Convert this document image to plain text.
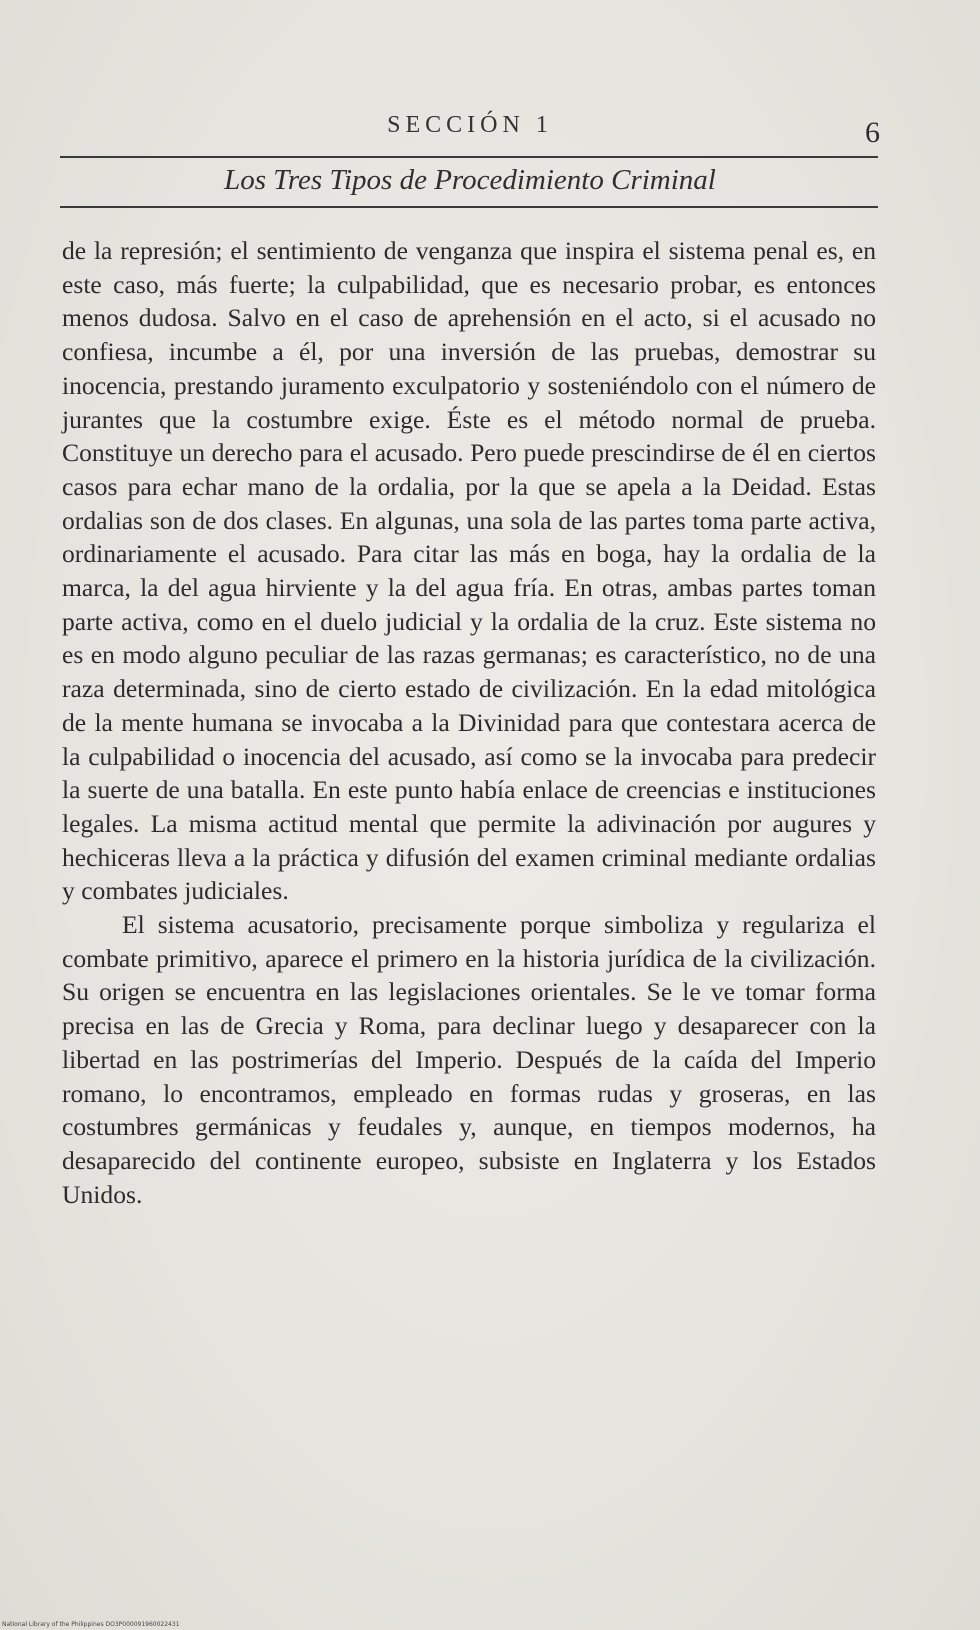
SECCIÓN 1	6
Los Tres Tipos de Procedimiento Criminal

de la represión; el sentimiento de venganza que inspira el sistema penal es, en este caso, más fuerte; la culpabilidad, que es necesario probar, es entonces menos dudosa. Salvo en el caso de aprehensión en el acto, si el acusado no confiesa, incumbe a él, por una inversión de las pruebas, demostrar su inocencia, prestando juramento exculpatorio y sosteniéndolo con el número de jurantes que la costumbre exige. Éste es el método normal de prueba. Constituye un derecho para el acusado. Pero puede prescindirse de él en ciertos casos para echar mano de la ordalia, por la que se apela a la Deidad. Estas ordalias son de dos clases. En algunas, una sola de las partes toma parte activa, ordinariamente el acusado. Para citar las más en boga, hay la ordalia de la marca, la del agua hirviente y la del agua fría. En otras, ambas partes toman parte activa, como en el duelo judicial y la ordalia de la cruz. Este sistema no es en modo alguno peculiar de las razas germanas; es característico, no de una raza determinada, sino de cierto estado de civilización. En la edad mitológica de la mente humana se invocaba a la Divinidad para que contestara acerca de la culpabilidad o inocencia del acusado, así como se la invocaba para predecir la suerte de una batalla. En este punto había enlace de creencias e instituciones legales. La misma actitud mental que permite la adivinación por augures y hechiceras lleva a la práctica y difusión del examen criminal mediante ordalias y combates judiciales.

El sistema acusatorio, precisamente porque simboliza y regulariza el combate primitivo, aparece el primero en la historia jurídica de la civilización. Su origen se encuentra en las legislaciones orientales. Se le ve tomar forma precisa en las de Grecia y Roma, para declinar luego y desaparecer con la libertad en las postrimerías del Imperio. Después de la caída del Imperio romano, lo encontramos, empleado en formas rudas y groseras, en las costumbres germánicas y feudales y, aunque, en tiempos modernos, ha desaparecido del continente europeo, subsiste en Inglaterra y los Estados Unidos.

National Library of the Philippines DO3P000091960022431
